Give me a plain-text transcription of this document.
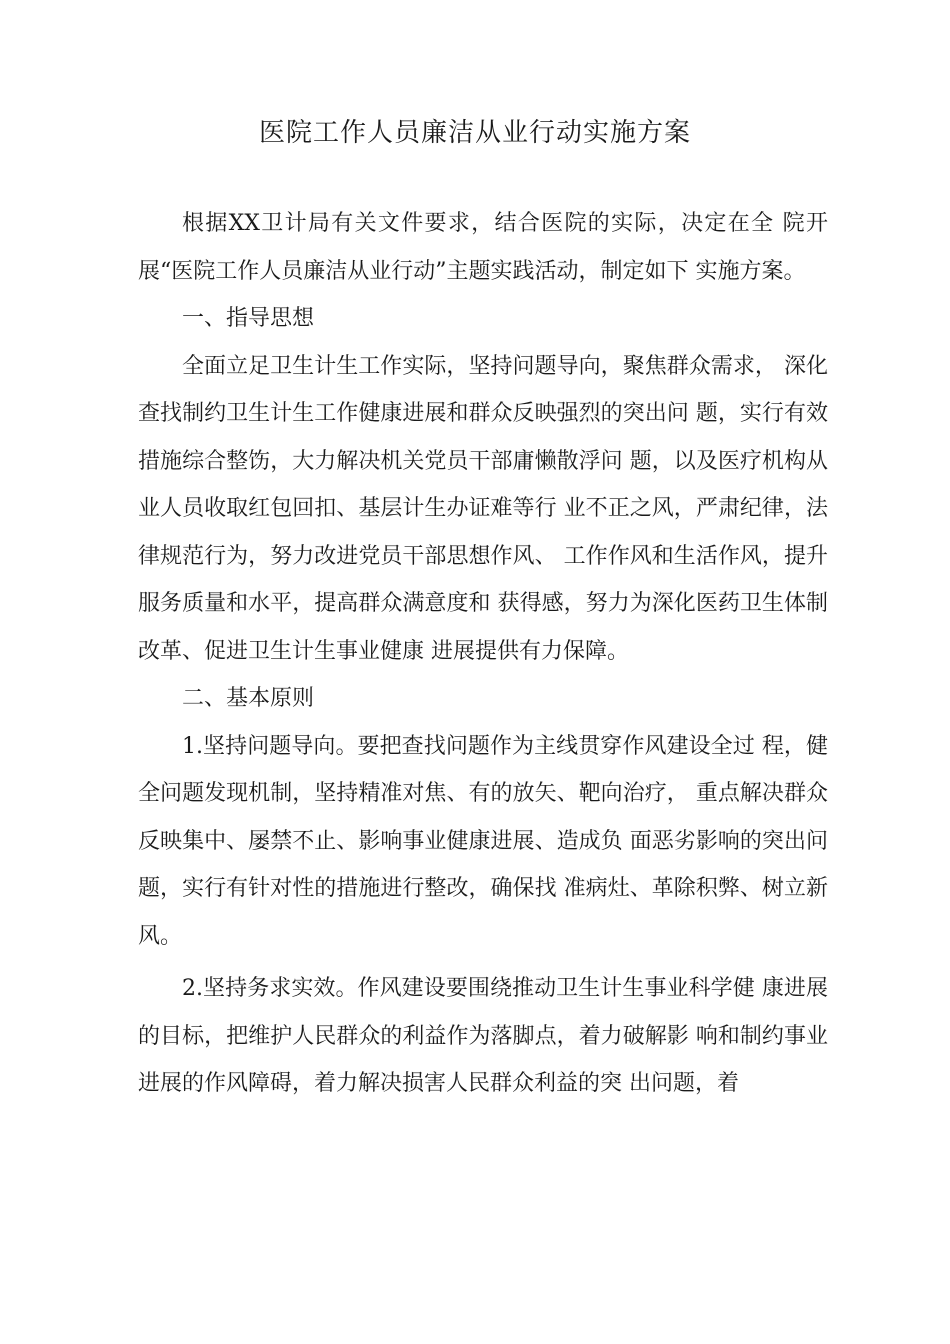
医院工作人员廉洁从业行动实施方案

根据XX卫计局有关文件要求，结合医院的实际，决定在全 院开展“医院工作人员廉洁从业行动”主题实践活动，制定如下 实施方案。

一、指导思想

全面立足卫生计生工作实际，坚持问题导向，聚焦群众需求， 深化查找制约卫生计生工作健康进展和群众反映强烈的突出问 题，实行有效措施综合整饬，大力解决机关党员干部庸懒散浮问 题，以及医疗机构从业人员收取红包回扣、基层计生办证难等行 业不正之风，严肃纪律，法律规范行为，努力改进党员干部思想作风、 工作作风和生活作风，提升服务质量和水平，提高群众满意度和 获得感，努力为深化医药卫生体制改革、促进卫生计生事业健康 进展提供有力保障。

二、基本原则

1.坚持问题导向。要把查找问题作为主线贯穿作风建设全过 程，健全问题发现机制，坚持精准对焦、有的放矢、靶向治疗， 重点解决群众反映集中、屡禁不止、影响事业健康进展、造成负 面恶劣影响的突出问题，实行有针对性的措施进行整改，确保找 准病灶、革除积弊、树立新风。

2.坚持务求实效。作风建设要围绕推动卫生计生事业科学健 康进展的目标，把维护人民群众的利益作为落脚点，着力破解影 响和制约事业进展的作风障碍，着力解决损害人民群众利益的突 出问题，着
